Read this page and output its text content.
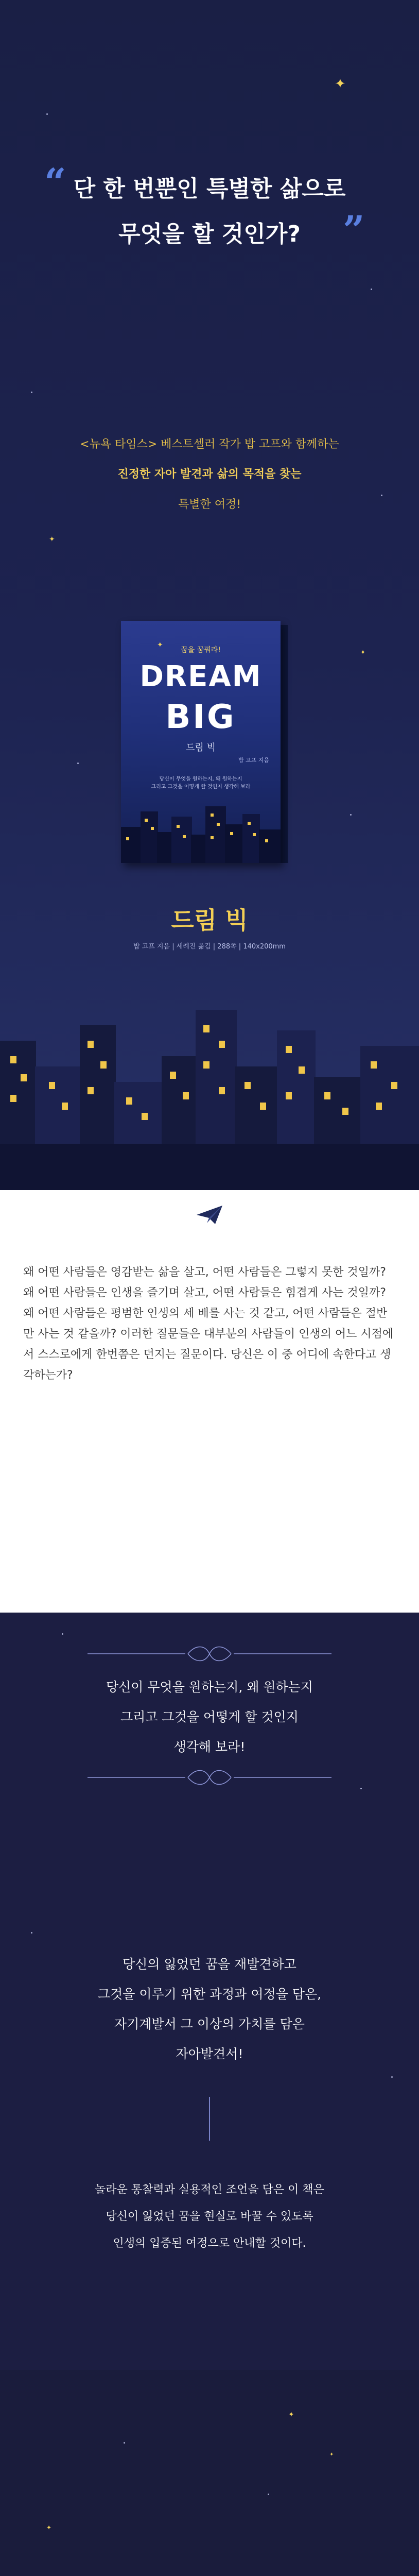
✦
✦
✦
“ 단 한 번뿐인 특별한 삶으로
무엇을 할 것인가?	”
<뉴욕 타임스> 베스트셀러 작가 밥 고프와 함께하는
진정한 자아 발견과 삶의 목적을 찾는
특별한 여정!
✦
꿈을 꿈꿔라!
DREAM
BIG
드림 빅
밥 고프 지음
당신이 무엇을 원하는지, 왜 원하는지
그리고 그것을 어떻게 할 것인지 생각해 보라
드림 빅
밥 고프 지음 | 세례진 옮김 | 288쪽 | 140x200mm
왜 어떤 사람들은 영감받는 삶을 살고, 어떤 사람들은 그렇지 못한 것일까? 왜 어떤 사람들은 인생을 즐기며 살고, 어떤 사람들은 힘겹게 사는 것일까? 왜 어떤 사람들은 평범한 인생의 세 배를 사는 것 같고, 어떤 사람들은 절반만 사는 것 같을까? 이러한 질문들은 대부분의 사람들이 인생의 어느 시점에서 스스로에게 한번쯤은 던지는 질문이다. 당신은 이 중 어디에 속한다고 생각하는가?
당신이 무엇을 원하는지, 왜 원하는지
그리고 그것을 어떻게 할 것인지
생각해 보라!
당신의 잃었던 꿈을 재발견하고
그것을 이루기 위한 과정과 여정을 담은,
자기계발서 그 이상의 가치를 담은
자아발견서!
놀라운 통찰력과 실용적인 조언을 담은 이 책은
당신이 잃었던 꿈을 현실로 바꿀 수 있도록
인생의 입증된 여정으로 안내할 것이다.
✦
✦
✦
